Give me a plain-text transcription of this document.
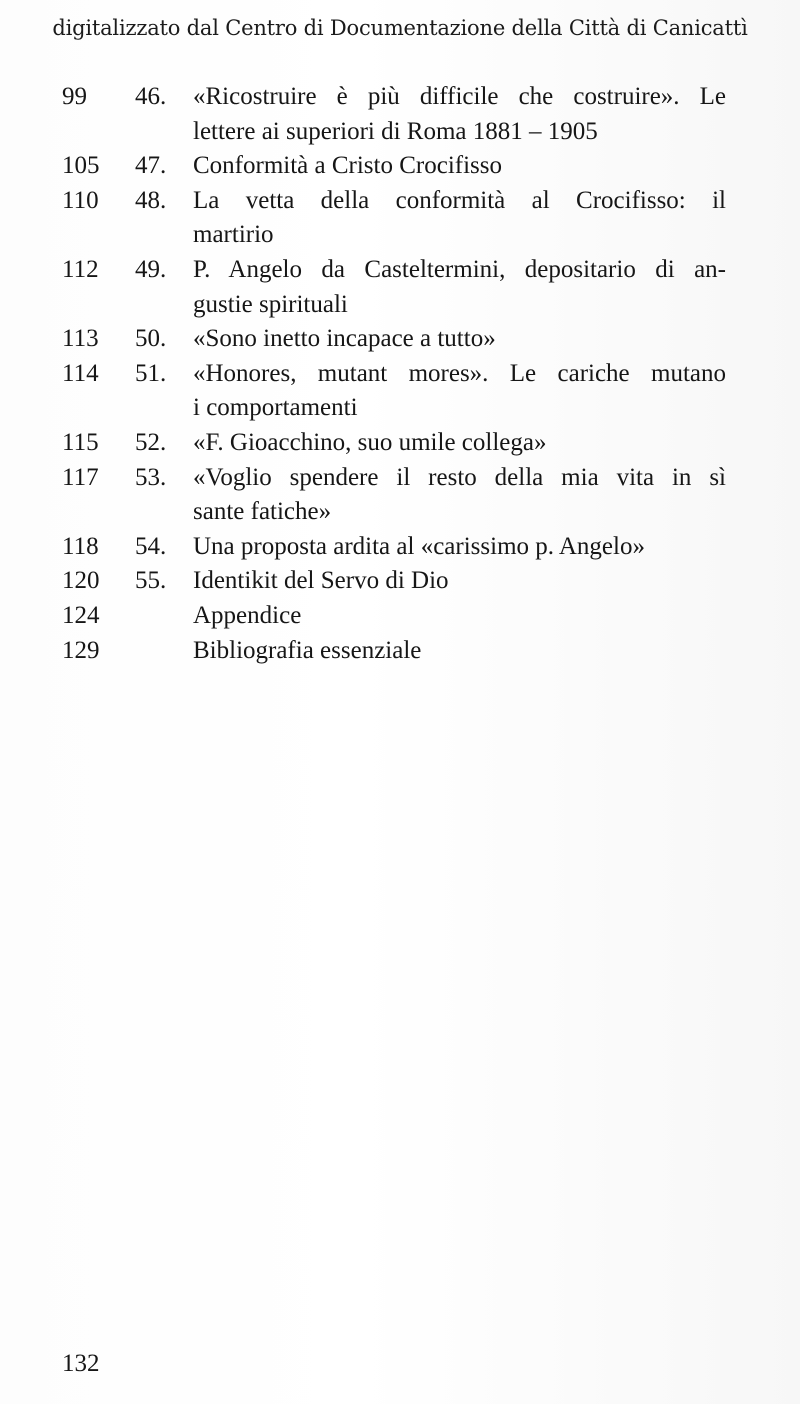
digitalizzato dal Centro di Documentazione della Città di Canicattì
99 46. «Ricostruire è più difficile che costruire». Le
lettere ai superiori di Roma 1881 – 1905
105 47. Conformità a Cristo Crocifisso
110 48. La vetta della conformità al Crocifisso: il
martirio
112 49. P. Angelo da Casteltermini, depositario di an-
gustie spirituali
113 50. «Sono inetto incapace a tutto»
114 51. «Honores, mutant mores». Le cariche mutano
i comportamenti
115 52. «F. Gioacchino, suo umile collega»
117 53. «Voglio spendere il resto della mia vita in sì
sante fatiche»
118 54. Una proposta ardita al «carissimo p. Angelo»
120 55. Identikit del Servo di Dio
124	Appendice
129	Bibliografia essenziale
132
